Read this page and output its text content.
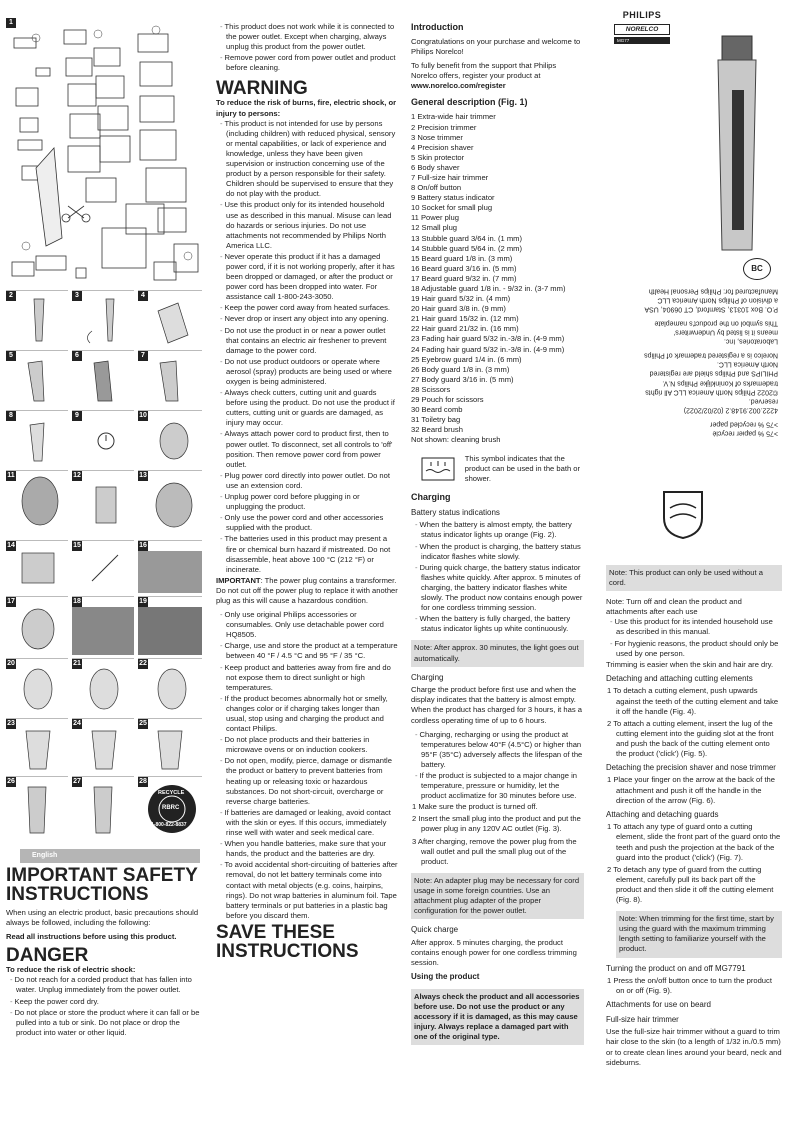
1
2	3	4
5	6	7
8	9	10
11	12	13
14	15	16
17	18	19
20	21	22
23	24	25
26	27	28
RBRC
RECYCLE
1-800-822-8837
English
IMPORTANT SAFETY INSTRUCTIONS
When using an electric product, basic precautions should always be followed, including the following:
Read all instructions before using this product.
DANGER
To reduce the risk of electric shock:
- Do not reach for a corded product that has fallen into water. Unplug immediately from the power outlet.
- Keep the power cord dry.
- Do not place or store the product where it can fall or be pulled into a tub or sink. Do not place or drop the product into water or other liquid.
- This product does not work while it is connected to the power outlet. Except when charging, always unplug this product from the power outlet.
- Remove power cord from power outlet and product before cleaning.
WARNING
To reduce the risk of burns, fire, electric shock, or injury to persons:
- This product is not intended for use by persons (including children) with reduced physical, sensory or mental capabilities, or lack of experience and knowledge, unless they have been given supervision or instruction concerning use of the product by a person responsible for their safety. Children should be supervised to ensure that they do not play with the product.
- Use this product only for its intended household use as described in this manual. Misuse can lead do hazards or serious injuries. Do not use attachments not recommended by Philips North America LLC.
- Never operate this product if it has a damaged power cord, if it is not working properly, after it has been dropped or damaged, or after the product or power cord has been dropped into water. For assistance call 1-800-243-3050.
- Keep the power cord away from heated surfaces.
- Never drop or insert any object into any opening.
- Do not use the product in or near a power outlet that contains an electric air freshener to prevent damage to the power cord.
- Do not use product outdoors or operate where aerosol (spray) products are being used or where oxygen is being administered.
- Always check cutters, cutting unit and guards before using the product. Do not use the product if cutters, cutting unit or guards are damaged, as injury may occur.
- Always attach power cord to product first, then to power outlet. To disconnect, set all controls to 'off' position. Then remove power cord from power outlet.
- Plug power cord directly into power outlet. Do not use an extension cord.
- Unplug power cord before plugging in or unplugging the product.
- Only use the power cord and other accessories supplied with the product.
- The batteries used in this product may present a fire or chemical burn hazard if mistreated. Do not disassemble, heat above 100 °C (212 °F) or incinerate.
IMPORTANT: The power plug contains a transformer. Do not cut off the power plug to replace it with another plug as this will cause a hazardous condition.
- Only use original Philips accessories or consumables. Only use detachable power cord HQ8505.
- Charge, use and store the product at a temperature between 40 °F / 4.5 °C and 95 °F / 35 °C.
- Keep product and batteries away from fire and do not expose them to direct sunlight or high temperatures.
- If the product becomes abnormally hot or smelly, changes color or if charging takes longer than usual, stop using and charging the product and contact Philips.
- Do not place products and their batteries in microwave ovens or on induction cookers.
- Do not open, modify, pierce, damage or dismantle the product or battery to prevent batteries from heating up or releasing toxic or hazardous substances. Do not short-circuit, overcharge or reverse charge batteries.
- If batteries are damaged or leaking, avoid contact with the skin or eyes. If this occurs, immediately rinse well with water and seek medical care.
- When you handle batteries, make sure that your hands, the product and the batteries are dry.
- To avoid accidental short-circuiting of batteries after removal, do not let battery terminals come into contact with metal objects (e.g. coins, hairpins, rings). Do not wrap batteries in aluminum foil. Tape battery terminals or put batteries in a plastic bag before you discard them.
SAVE THESE INSTRUCTIONS
Introduction
Congratulations on your purchase and welcome to Philips Norelco!
To fully benefit from the support that Philips Norelco offers, register your product at
www.norelco.com/register
General description (Fig. 1)
1 Extra-wide hair trimmer
2 Precision trimmer
3 Nose trimmer
4 Precision shaver
5 Skin protector
6 Body shaver
7 Full-size hair trimmer
8 On/off button
9 Battery status indicator
10 Socket for small plug
11 Power plug
12 Small plug
13 Stubble guard 3/64 in. (1 mm)
14 Stubble guard 5/64 in. (2 mm)
15 Beard guard 1/8 in. (3 mm)
16 Beard guard 3/16 in. (5 mm)
17 Beard guard 9/32 in. (7 mm)
18 Adjustable guard 1/8 in. - 9/32 in. (3-7 mm)
19 Hair guard 5/32 in. (4 mm)
20 Hair guard 3/8 in. (9 mm)
21 Hair guard 15/32 in. (12 mm)
22 Hair guard 21/32 in. (16 mm)
23 Fading hair guard 5/32 in.-3/8 in. (4-9 mm)
24 Fading hair guard 5/32 in.-3/8 in. (4-9 mm)
25 Eyebrow guard 1/4 in. (6 mm)
26 Body guard 1/8 in. (3 mm)
27 Body guard 3/16 in. (5 mm)
28 Scissors
29 Pouch for scissors
30 Beard comb
31 Toiletry bag
32 Beard brush
Not shown: cleaning brush
This symbol indicates that the product can be used in the bath or shower.
Charging
Battery status indications
- When the battery is almost empty, the battery status indicator lights up orange (Fig. 2).
- When the product is charging, the battery status indicator flashes white slowly.
- During quick charge, the battery status indicator flashes white quickly. After approx. 5 minutes of charging, the battery indicator flashes white slowly. The product now contains enough power for one cordless trimming session.
- When the battery is fully charged, the battery status indicator lights up white continuously.
Note: After approx. 30 minutes, the light goes out automatically.
Charging
Charge the product before first use and when the display indicates that the battery is almost empty. When the product has charged for 3 hours, it has a cordless operating time of up to 6 hours.
- Charging, recharging or using the product at temperatures below 40°F (4.5°C) or higher than 95°F (35°C) adversely affects the lifespan of the battery.
- If the product is subjected to a major change in temperature, pressure or humidity, let the product acclimatize for 30 minutes before use.
1 Make sure the product is turned off.
2 Insert the small plug into the product and put the power plug in any 120V AC outlet (Fig. 3).
3 After charging, remove the power plug from the wall outlet and pull the small plug out of the product.
Note: An adapter plug may be necessary for cord usage in some foreign countries. Use an attachment plug adapter of the proper configuration for the power outlet.
Quick charge
After approx. 5 minutes charging, the product contains enough power for one cordless trimming session.
Using the product
Always check the product and all accessories before use. Do not use the product or any accessory if it is damaged, as this may cause injury. Always replace a damaged part with one of the original type.
PHILIPS
NORELCO
MG77
BC
>75 % papier recyclé
>75 % recycled paper
4222.002.9148.2 (02/02/2022)
reserved.
©2022 Philips North America LLC All rights
trademarks of Koninklijke Philips N.V.
PHILIPS and Philips shield are registered
North America LLC.
Norelco is a registered trademark of Philips
Laboratories, Inc.
means it is listed by Underwriters'
This symbol on the product's nameplate
P.O. Box 10313, Stamford, CT 06904, USA
a division of Philips North America LLC
Manufactured for: Philips Personal Health
Note: This product can only be used without a cord.
Note: Turn off and clean the product and attachments after each use
- Use this product for its intended household use as described in this manual.
- For hygienic reasons, the product should only be used by one person.
Trimming is easier when the skin and hair are dry.
Detaching and attaching cutting elements
1 To detach a cutting element, push upwards against the teeth of the cutting element and take it off the handle (Fig. 4).
2 To attach a cutting element, insert the lug of the cutting element into the guiding slot at the front and push the back of the cutting element onto the product ('click') (Fig. 5).
Detaching the precision shaver and nose trimmer
1 Place your finger on the arrow at the back of the attachment and push it off the handle in the direction of the arrow (Fig. 6).
Attaching and detaching guards
1 To attach any type of guard onto a cutting element, slide the front part of the guard onto the teeth and push the projection at the back of the guard into the product ('click') (Fig. 7).
2 To detach any type of guard from the cutting element, carefully pull its back part off the product and then slide it off the cutting element (Fig. 8).
Note: When trimming for the first time, start by using the guard with the maximum trimming length setting to familiarize yourself with the product.
Turning the product on and off MG7791
1 Press the on/off button once to turn the product on or off (Fig. 9).
Attachments for use on beard
Full-size hair trimmer
Use the full-size hair trimmer without a guard to trim hair close to the skin (to a length of 1/32 in./0.5 mm) or to create clean lines around your beard, neck and sideburns.
